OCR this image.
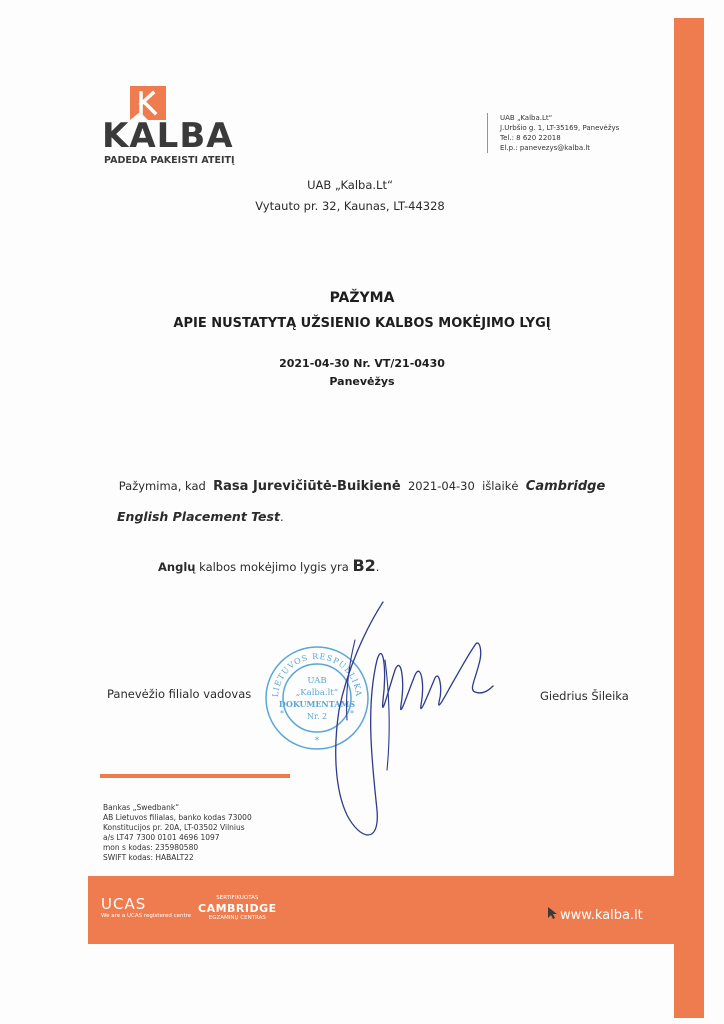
KALBA
PADEDA PAKEISTI ATEITĮ
UAB „Kalba.Lt“
J.Urbšio g. 1, LT-35169, Panevėžys
Tel.: 8 620 22018
El.p.: panevezys@kalba.lt
UAB „Kalba.Lt“
Vytauto pr. 32, Kaunas, LT-44328
PAŽYMA
APIE NUSTATYTĄ UŽSIENIO KALBOS MOKĖJIMO LYGĮ
2021-04-30 Nr. VT/21-0430
Panevėžys
Pažymima, kad Rasa Jurevičiūtė-Buikienė 2021-04-30 išlaikė Cambridge
English Placement Test.
Anglų kalbos mokėjimo lygis yra B2.
Panevėžio filialo vadovas	Giedrius Šileika
LIETUVOS RESPUBLIKA
UAB
„Kalba.lt“
DOKUMENTAMS
Nr. 2
*
*	*
Bankas „Swedbank“
AB Lietuvos filialas, banko kodas 73000
Konstitucijos pr. 20A, LT-03502 Vilnius
a/s LT47 7300 0101 4696 1097
mon s kodas: 235980580
SWIFT kodas: HABALT22
UCAS
We are a UCAS registered centre
SERTIFIKUOTAS
CAMBRIDGE
EGZAMINŲ CENTRAS	www.kalba.lt
